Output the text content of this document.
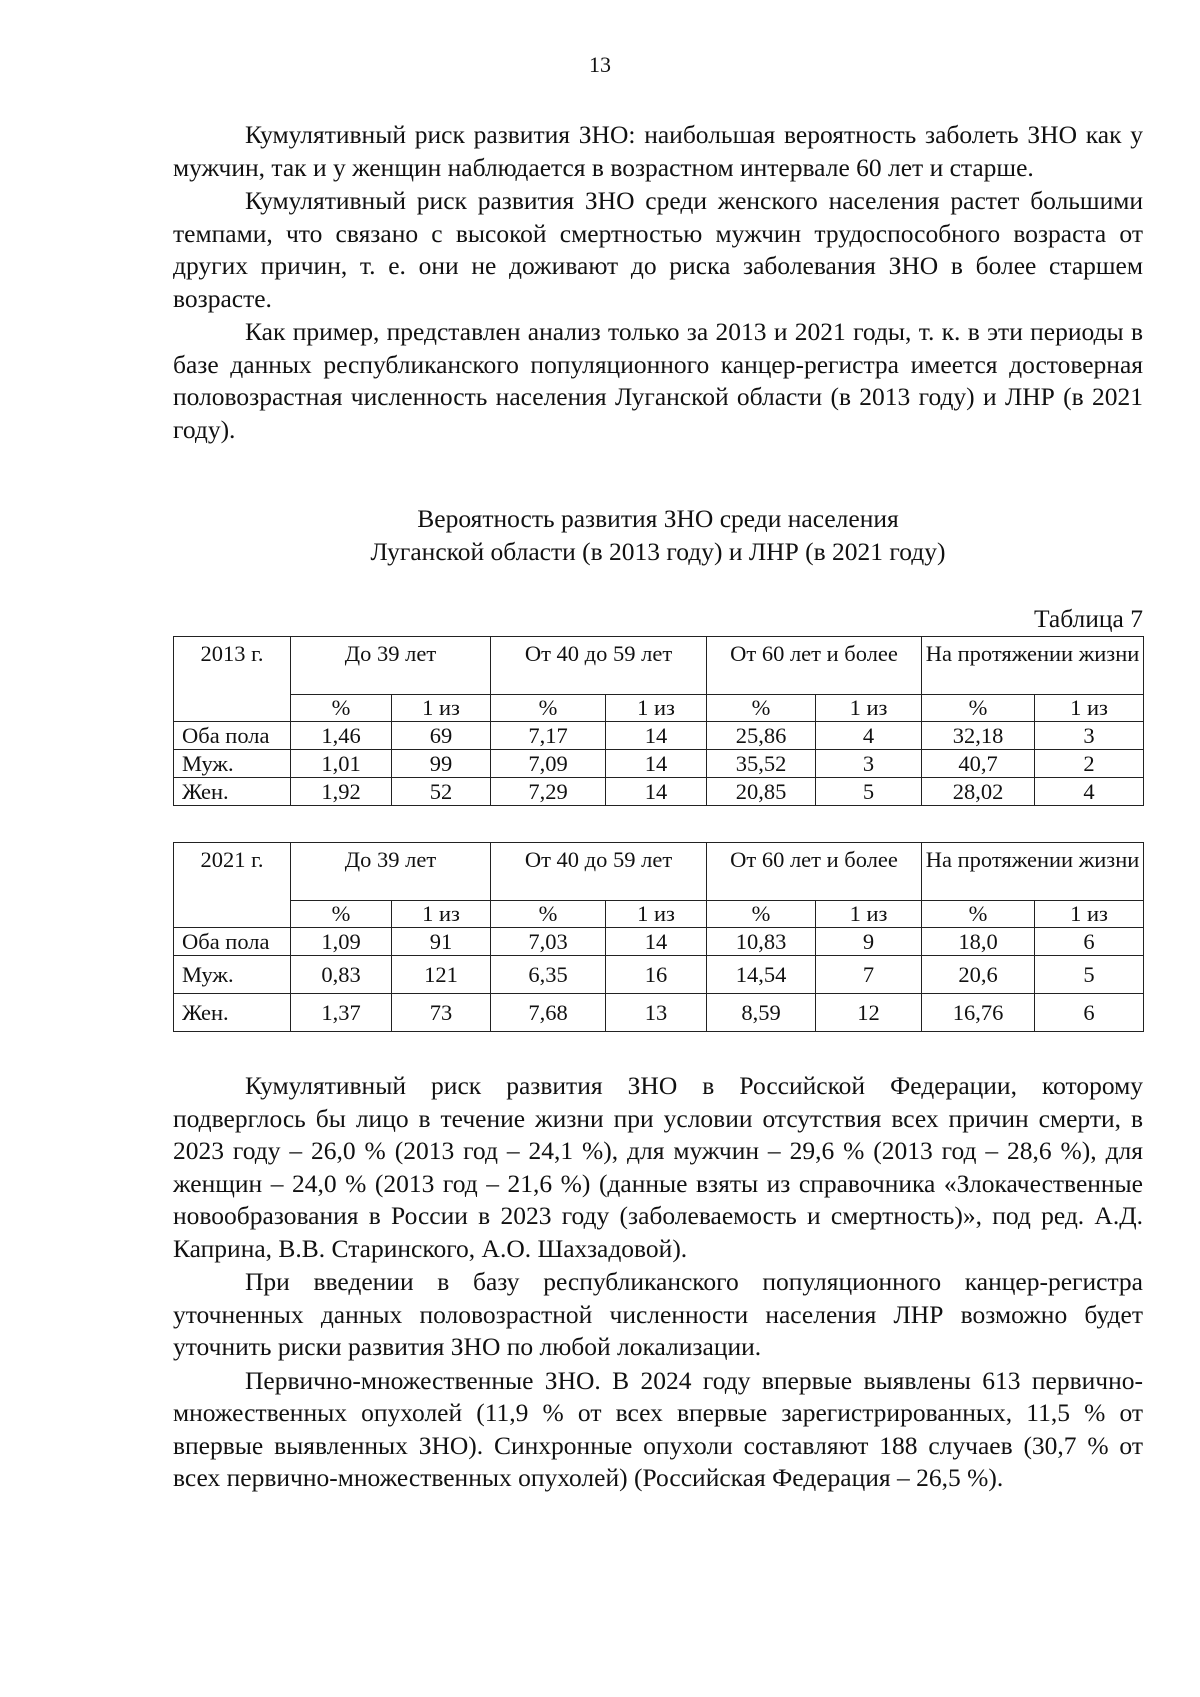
13

Кумулятивный риск развития ЗНО: наибольшая вероятность заболеть ЗНО как у мужчин, так и у женщин наблюдается в возрастном интервале 60 лет и старше.

Кумулятивный риск развития ЗНО среди женского населения растет большими темпами, что связано с высокой смертностью мужчин трудоспособного возраста от других причин, т. е. они не доживают до риска заболевания ЗНО в более старшем возрасте.

Как пример, представлен анализ только за 2013 и 2021 годы, т. к. в эти периоды в базе данных республиканского популяционного канцер-регистра имеется достоверная половозрастная численность населения Луганской области (в 2013 году) и ЛНР (в 2021 году).

Вероятность развития ЗНО среди населения
Луганской области (в 2013 году) и ЛНР (в 2021 году)
Таблица 7
2013 г.	До 39 лет		От 40 до 59 лет		От 60 лет и более		На протяжении жизни	
	%	1 из	%	1 из	%	1 из	%	1 из
Оба пола	1,46	69	7,17	14	25,86	4	32,18	3
Муж.	1,01	99	7,09	14	35,52	3	40,7	2
Жен.	1,92	52	7,29	14	20,85	5	28,02	4
2021 г.	До 39 лет		От 40 до 59 лет		От 60 лет и более		На протяжении жизни	
	%	1 из	%	1 из	%	1 из	%	1 из
Оба пола	1,09	91	7,03	14	10,83	9	18,0	6
Муж.	0,83	121	6,35	16	14,54	7	20,6	5
Жен.	1,37	73	7,68	13	8,59	12	16,76	6

Кумулятивный риск развития ЗНО в Российской Федерации, которому подверглось бы лицо в течение жизни при условии отсутствия всех причин смерти, в 2023 году – 26,0 % (2013 год – 24,1 %), для мужчин – 29,6 % (2013 год – 28,6 %), для женщин – 24,0 % (2013 год – 21,6 %) (данные взяты из справочника «Злокачественные новообразования в России в 2023 году (заболеваемость и смертность)», под ред. А.Д. Каприна, В.В. Старинского, А.О. Шахзадовой).

При введении в базу республиканского популяционного канцер-регистра уточненных данных половозрастной численности населения ЛНР возможно будет уточнить риски развития ЗНО по любой локализации.

Первично-множественные ЗНО. В 2024 году впервые выявлены 613 первично-множественных опухолей (11,9 % от всех впервые зарегистрированных, 11,5 % от впервые выявленных ЗНО). Синхронные опухоли составляют 188 случаев (30,7 % от всех первично-множественных опухолей) (Российская Федерация – 26,5 %).
